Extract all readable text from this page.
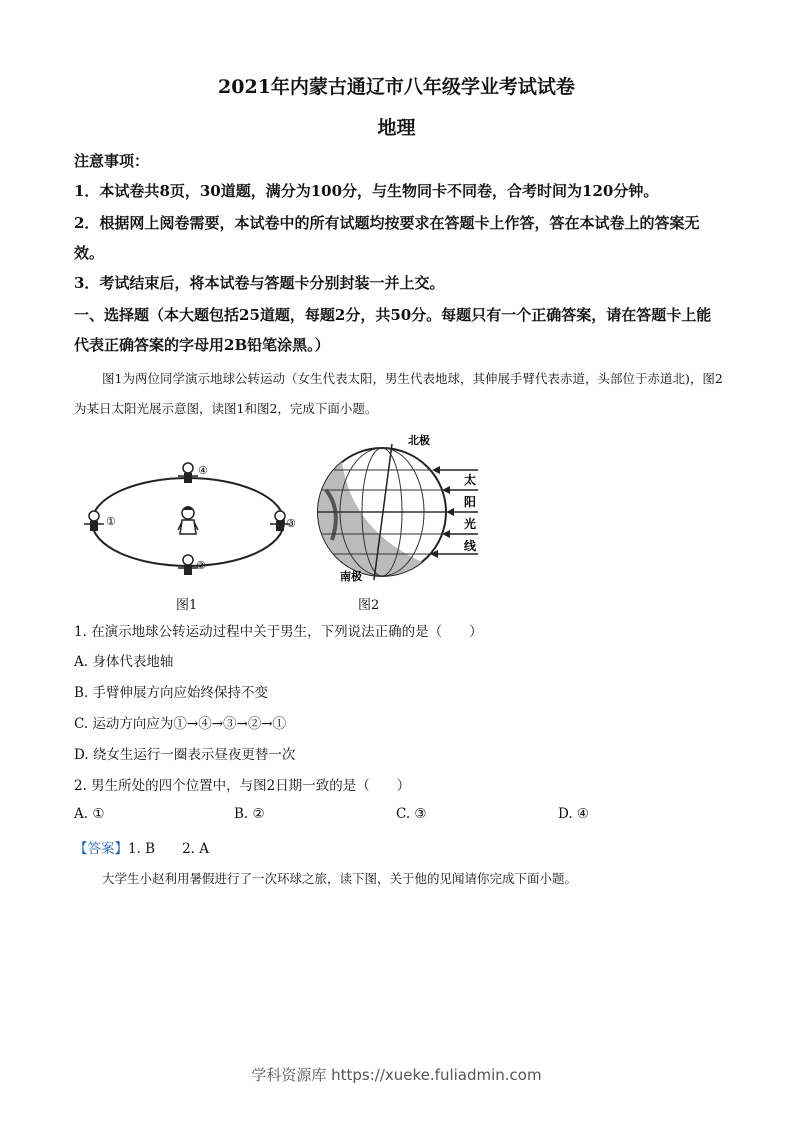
2021年内蒙古通辽市八年级学业考试试卷
地理
注意事项：
1．本试卷共8页，30道题，满分为100分，与生物同卡不同卷，合考时间为120分钟。
2．根据网上阅卷需要，本试卷中的所有试题均按要求在答题卡上作答，答在本试卷上的答案无效。
3．考试结束后，将本试卷与答题卡分别封装一并上交。
一、选择题（本大题包括25道题，每题2分，共50分。每题只有一个正确答案，请在答题卡上能代表正确答案的字母用2B铅笔涂黑。）
图1为两位同学演示地球公转运动（女生代表太阳，男生代表地球，其伸展手臂代表赤道，头部位于赤道北)，图2为某日太阳光展示意图，读图1和图2，完成下面小题。
①
②
③
④
北极
南极
太
阳
光
线
图1	图2
1. 在演示地球公转运动过程中关于男生，下列说法正确的是（　　）
A. 身体代表地轴
B. 手臂伸展方向应始终保持不变
C. 运动方向应为①→④→③→②→①
D. 绕女生运行一圈表示昼夜更替一次
2. 男生所处的四个位置中，与图2日期一致的是（　　）
A. ①	B. ②	C. ③	D. ④
【答案】1. B　　2. A
大学生小赵利用暑假进行了一次环球之旅，读下图，关于他的见闻请你完成下面小题。
学科资源库 https://xueke.fuliadmin.com
